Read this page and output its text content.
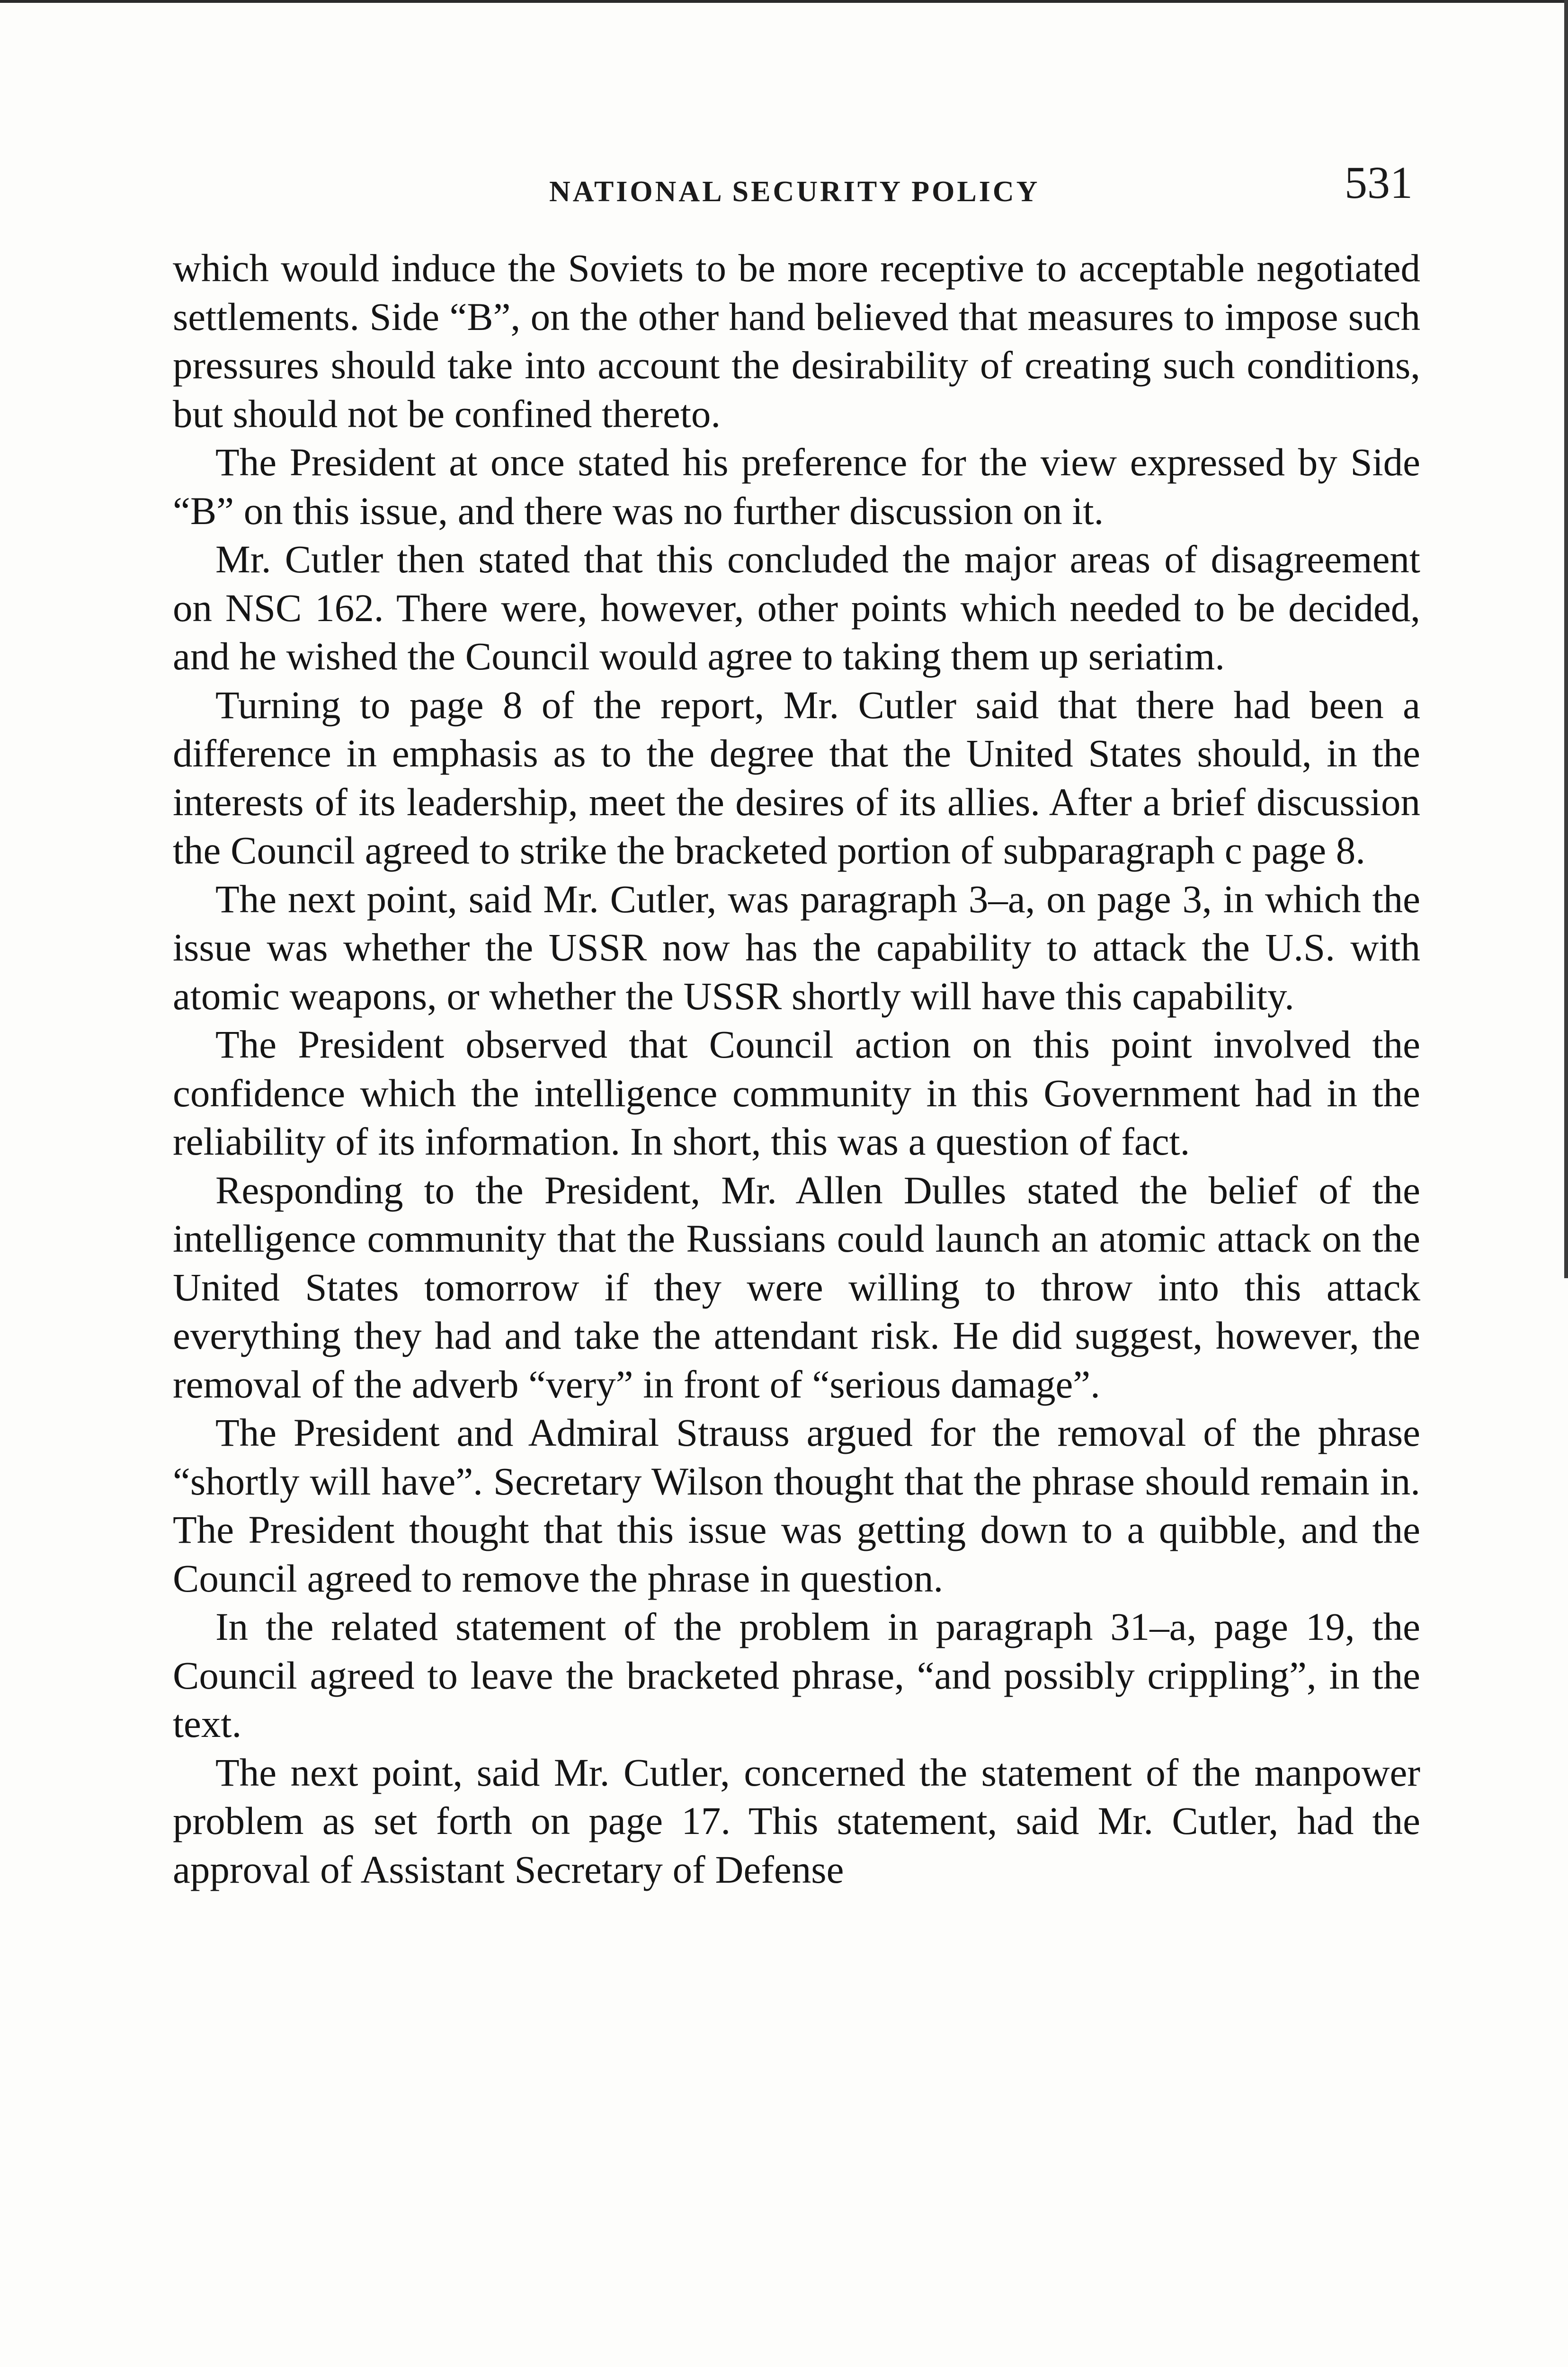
NATIONAL SECURITY POLICY	531

which would induce the Soviets to be more receptive to acceptable negotiated settlements. Side “B”, on the other hand believed that measures to impose such pressures should take into account the desirability of creating such conditions, but should not be confined thereto.

The President at once stated his preference for the view expressed by Side “B” on this issue, and there was no further discussion on it.

Mr. Cutler then stated that this concluded the major areas of disagreement on NSC 162. There were, however, other points which needed to be decided, and he wished the Council would agree to taking them up seriatim.

Turning to page 8 of the report, Mr. Cutler said that there had been a difference in emphasis as to the degree that the United States should, in the interests of its leadership, meet the desires of its allies. After a brief discussion the Council agreed to strike the bracketed portion of subparagraph c page 8.

The next point, said Mr. Cutler, was paragraph 3–a, on page 3, in which the issue was whether the USSR now has the capability to attack the U.S. with atomic weapons, or whether the USSR shortly will have this capability.

The President observed that Council action on this point involved the confidence which the intelligence community in this Government had in the reliability of its information. In short, this was a question of fact.

Responding to the President, Mr. Allen Dulles stated the belief of the intelligence community that the Russians could launch an atomic attack on the United States tomorrow if they were willing to throw into this attack everything they had and take the attendant risk. He did suggest, however, the removal of the adverb “very” in front of “serious damage”.

The President and Admiral Strauss argued for the removal of the phrase “shortly will have”. Secretary Wilson thought that the phrase should remain in. The President thought that this issue was getting down to a quibble, and the Council agreed to remove the phrase in question.

In the related statement of the problem in paragraph 31–a, page 19, the Council agreed to leave the bracketed phrase, “and possibly crippling”, in the text.

The next point, said Mr. Cutler, concerned the statement of the manpower problem as set forth on page 17. This statement, said Mr. Cutler, had the approval of Assistant Secretary of Defense
